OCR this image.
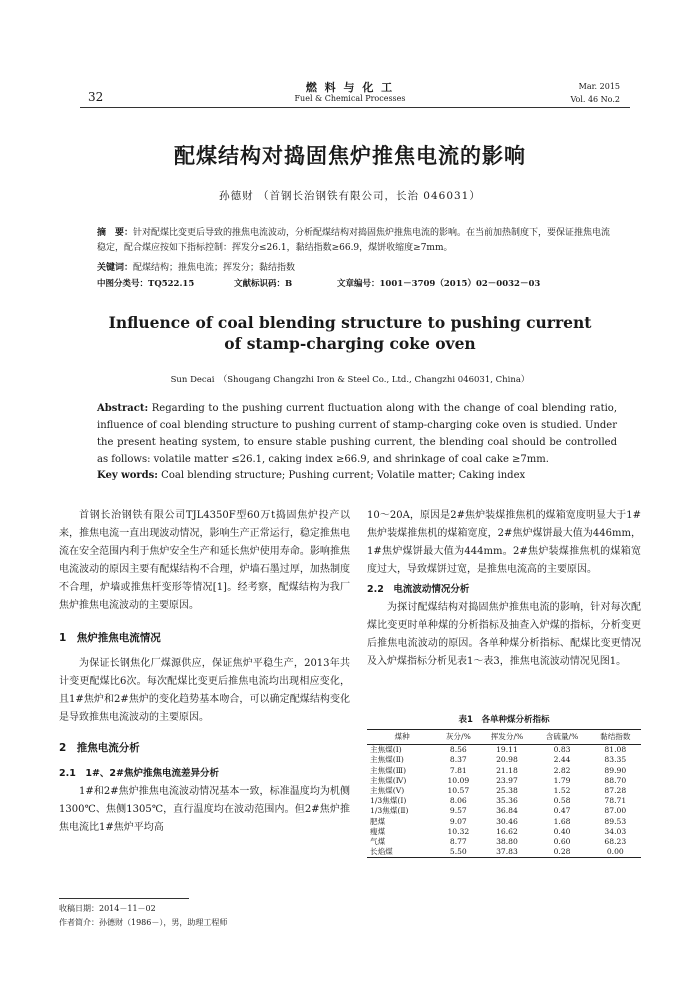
32
燃 料 与 化 工
Fuel & Chemical Processes
Mar. 2015
Vol. 46 No.2
配煤结构对捣固焦炉推焦电流的影响
孙德财 （首钢长治钢铁有限公司，长治 046031）
摘　要：针对配煤比变更后导致的推焦电流波动，分析配煤结构对捣固焦炉推焦电流的影响。在当前加热制度下，要保证推焦电流稳定，配合煤应按如下指标控制：挥发分≤26.1，黏结指数≥66.9，煤饼收缩度≥7mm。
关键词：配煤结构；推焦电流；挥发分；黏结指数
中图分类号：TQ522.15	文献标识码：B	文章编号：1001－3709（2015）02－0032－03
Influence of coal blending structure to pushing current
of stamp-charging coke oven
Sun Decai　（Shougang Changzhi Iron & Steel Co., Ltd., Changzhi 046031, China）
Abstract: Regarding to the pushing current fluctuation along with the change of coal blending ratio, influence of coal blending structure to pushing current of stamp-charging coke oven is studied. Under the present heating system, to ensure stable pushing current, the blending coal should be controlled as follows: volatile matter ≤26.1, caking index ≥66.9, and shrinkage of coal cake ≥7mm.
Key words: Coal blending structure; Pushing current; Volatile matter; Caking index

首钢长治钢铁有限公司TJL4350F型60万t捣固焦炉投产以来，推焦电流一直出现波动情况，影响生产正常运行，稳定推焦电流在安全范围内利于焦炉安全生产和延长焦炉使用寿命。影响推焦电流波动的原因主要有配煤结构不合理，炉墙石墨过厚，加热制度不合理，炉墙或推焦杆变形等情况[1]。经考察，配煤结构为我厂焦炉推焦电流波动的主要原因。

1　焦炉推焦电流情况

为保证长钢焦化厂煤源供应，保证焦炉平稳生产，2013年共计变更配煤比6次。每次配煤比变更后推焦电流均出现相应变化，且1#焦炉和2#焦炉的变化趋势基本吻合，可以确定配煤结构变化是导致推焦电流波动的主要原因。

2　推焦电流分析
2.1　1#、2#焦炉推焦电流差异分析

1#和2#焦炉推焦电流波动情况基本一致，标准温度均为机侧1300℃、焦侧1305℃，直行温度均在波动范围内。但2#焦炉推焦电流比1#焦炉平均高

10～20A，原因是2#焦炉装煤推焦机的煤箱宽度明显大于1#焦炉装煤推焦机的煤箱宽度，2#焦炉煤饼最大值为446mm，1#焦炉煤饼最大值为444mm。2#焦炉装煤推焦机的煤箱宽度过大，导致煤饼过宽，是推焦电流高的主要原因。

2.2　电流波动情况分析

为探讨配煤结构对捣固焦炉推焦电流的影响，针对每次配煤比变更时单种煤的分析指标及抽查入炉煤的指标，分析变更后推焦电流波动的原因。各单种煤分析指标、配煤比变更情况及入炉煤指标分析见表1～表3，推焦电流波动情况见图1。

表1　各单种煤分析指标
煤种	灰分/%	挥发分/%	含硫量/%	黏结指数
主焦煤(Ⅰ)	8.56	19.11	0.83	81.08
主焦煤(Ⅱ)	8.37	20.98	2.44	83.35
主焦煤(Ⅲ)	7.81	21.18	2.82	89.90
主焦煤(Ⅳ)	10.09	23.97	1.79	88.70
主焦煤(Ⅴ)	10.57	25.38	1.52	87.28
1/3焦煤(Ⅰ)	8.06	35.36	0.58	78.71
1/3焦煤(Ⅱ)	9.57	36.84	0.47	87.00
肥煤	9.07	30.46	1.68	89.53
瘦煤	10.32	16.62	0.40	34.03
气煤	8.77	38.80	0.60	68.23
长焰煤	5.50	37.83	0.28	0.00
收稿日期：2014－11－02
作者简介：孙德财（1986－），男，助理工程师
